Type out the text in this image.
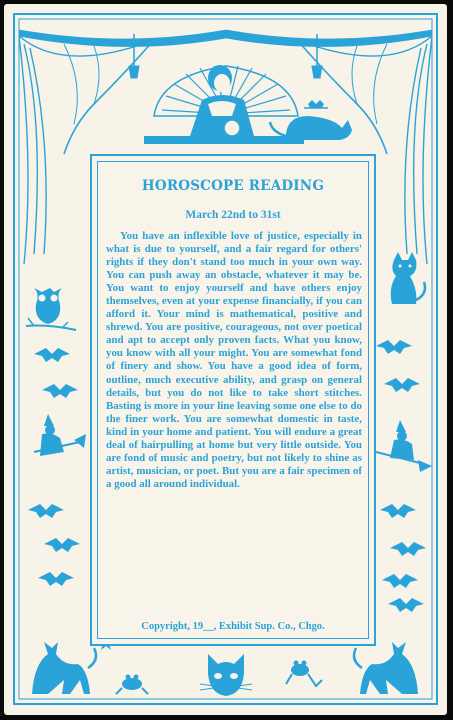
HOROSCOPE READING
March 22nd to 31st

You have an inflexible love of justice, especially in what is due to yourself, and a fair regard for others' rights if they don't stand too much in your own way. You can push away an obstacle, whatever it may be. You want to enjoy yourself and have others enjoy themselves, even at your expense financially, if you can afford it. Your mind is mathematical, positive and shrewd. You are positive, courageous, not over poetical and apt to accept only proven facts. What you know, you know with all your might. You are somewhat fond of finery and show. You have a good idea of form, outline, much executive ability, and grasp on general details, but you do not like to take short stitches. Basting is more in your line leaving some one else to do the finer work. You are somewhat domestic in taste, kind in your home and patient. You will endure a great deal of hairpulling at home but very little outside. You are fond of music and poetry, but not likely to shine as artist, musician, or poet. But you are a fair specimen of a good all around individual.

Copyright, 19__, Exhibit Sup. Co., Chgo.
